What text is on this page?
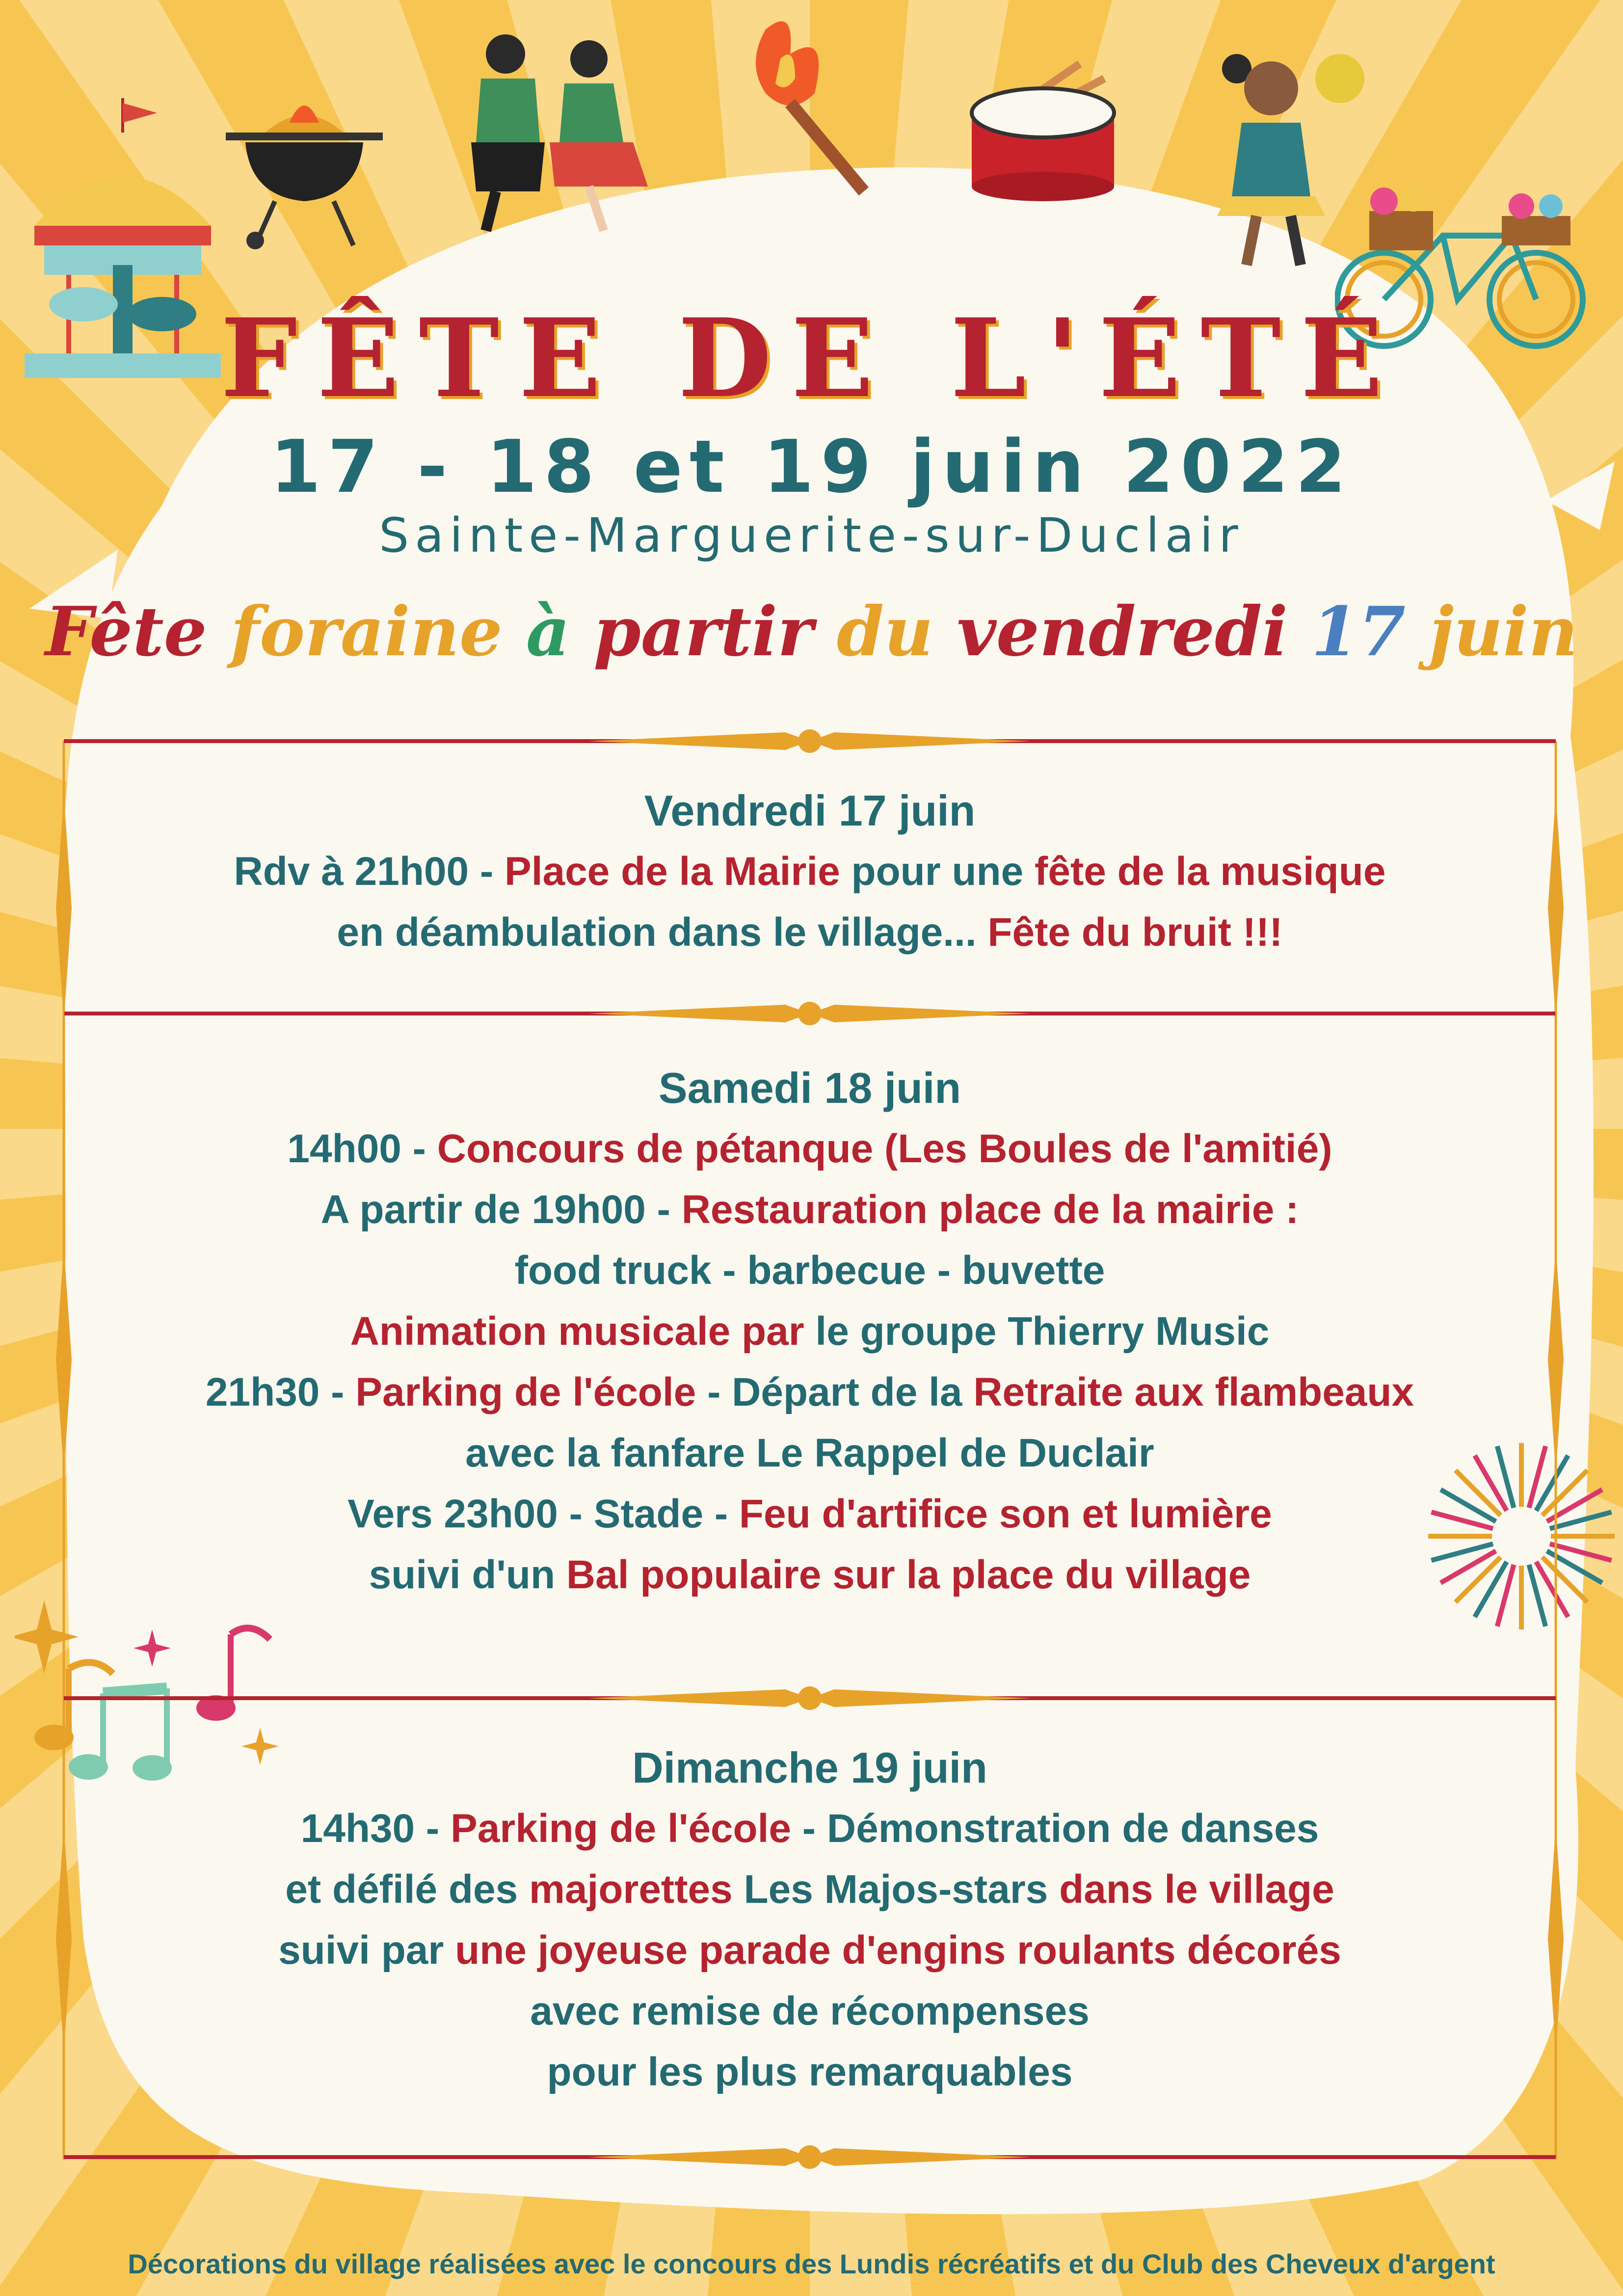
FÊTE DE L'ÉTÉ
17 - 18 et 19 juin 2022
Sainte-Marguerite-sur-Duclair
Fête foraine à partir du vendredi 17 juin
Vendredi 17 juin

Rdv à 21h00 - Place de la Mairie pour une fête de la musique

en déambulation dans le village... Fête du bruit !!!

Samedi 18 juin

14h00 - Concours de pétanque (Les Boules de l'amitié)

A partir de 19h00 - Restauration place de la mairie :

food truck - barbecue - buvette

Animation musicale par le groupe Thierry Music

21h30 - Parking de l'école - Départ de la Retraite aux flambeaux

avec la fanfare Le Rappel de Duclair

Vers 23h00 - Stade - Feu d'artifice son et lumière

suivi d'un Bal populaire sur la place du village

Dimanche 19 juin

14h30 - Parking de l'école - Démonstration de danses

et défilé des majorettes Les Majos-stars dans le village

suivi par une joyeuse parade d'engins roulants décorés

avec remise de récompenses

pour les plus remarquables

Décorations du village réalisées avec le concours des Lundis récréatifs et du Club des Cheveux d'argent
